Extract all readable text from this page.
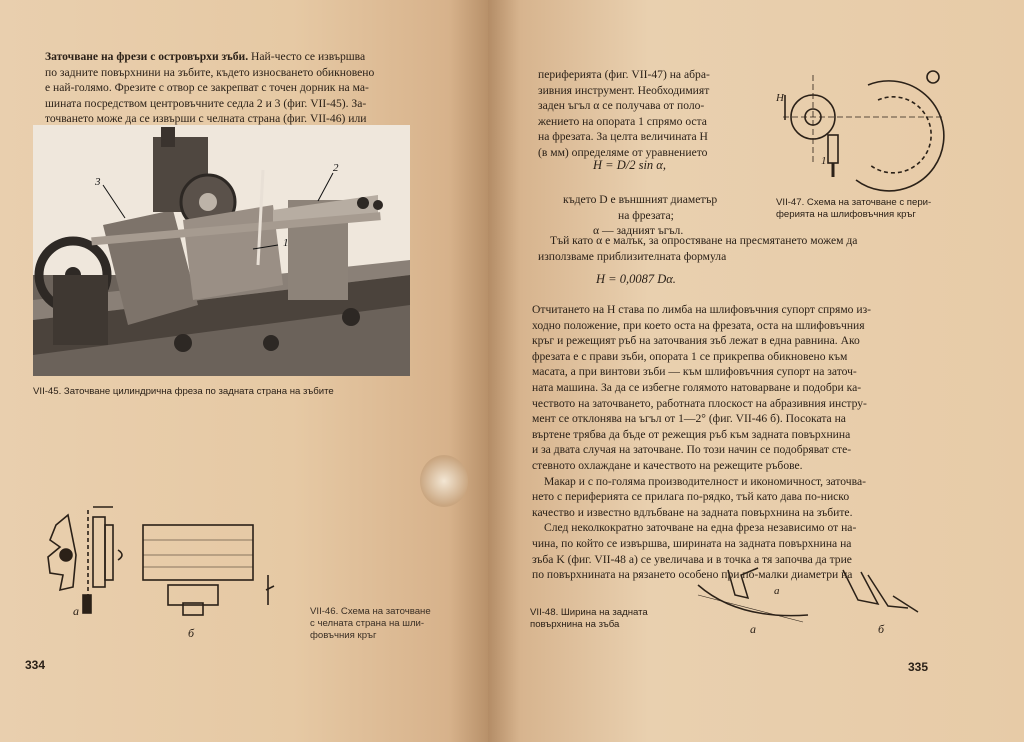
Заточване на фрези с островърхи зъби. Най-често се извършва
по задните повърхнини на зъбите, където износването обикновено
е най-голямо. Фрезите с отвор се закрепват с точен дорник на ма-
шината посредством центровъчните седла 2 и 3 (фиг. VII-45). За-
точването може да се извърши с челната страна (фиг. VII-46) или
3
2
1
VII-45. Заточване цилиндрична фреза по задната страна на зъбите
а
б
VII-46. Схема на заточване
с челната страна на шли-
фовъчния кръг
334
периферията (фиг. VII-47) на абра-
зивния инструмент. Необходимият
заден ъгъл α се получава от поло-
жението на опората 1 спрямо оста
на фрезата. За целта величината H
(в мм) определяме от уравнението
H = D/2 sin α,
където D е външният диаметър
на фрезата;
α — задният ъгъл.
H
1
VII-47. Схема на заточване с пери-
ферията на шлифовъчния кръг
Тъй като α е малък, за опростяване на пресмятането можем да
използваме приблизителната формула
H = 0,0087 Dα.
Отчитането на H става по лимба на шлифовъчния супорт спрямо из-
ходно положение, при което оста на фрезата, оста на шлифовъчния
кръг и режещият ръб на заточвания зъб лежат в една равнина. Ако
фрезата е с прави зъби, опората 1 се прикрепва обикновено към
масата, а при винтови зъби — към шлифовъчния супорт на заточ-
ната машина. За да се избегне голямото натоварване и подобри ка-
чеството на заточването, работната плоскост на абразивния инстру-
мент се отклонява на ъгъл от 1—2° (фиг. VII-46 б). Посоката на
въртене трябва да бъде от режещия ръб към задната повърхнина
и за двата случая на заточване. По този начин се подобряват сте-
стевното охлаждане и качеството на режещите ръбове.
Макар и с по-голяма производителност и икономичност, заточва-
нето с периферията се прилага по-рядко, тъй като дава по-ниско
качество и известно вдлъбване на задната повърхнина на зъбите.
След неколкократно заточване на една фреза независимо от на-
чина, по който се извършва, ширината на задната повърхнина на
зъба K (фиг. VII-48 а) се увеличава и в точка а тя започва да трие
по повърхнината на рязането особено при по-малки диаметри на
а
а	б
VII-48. Ширина на задната
повърхнина на зъба
335
